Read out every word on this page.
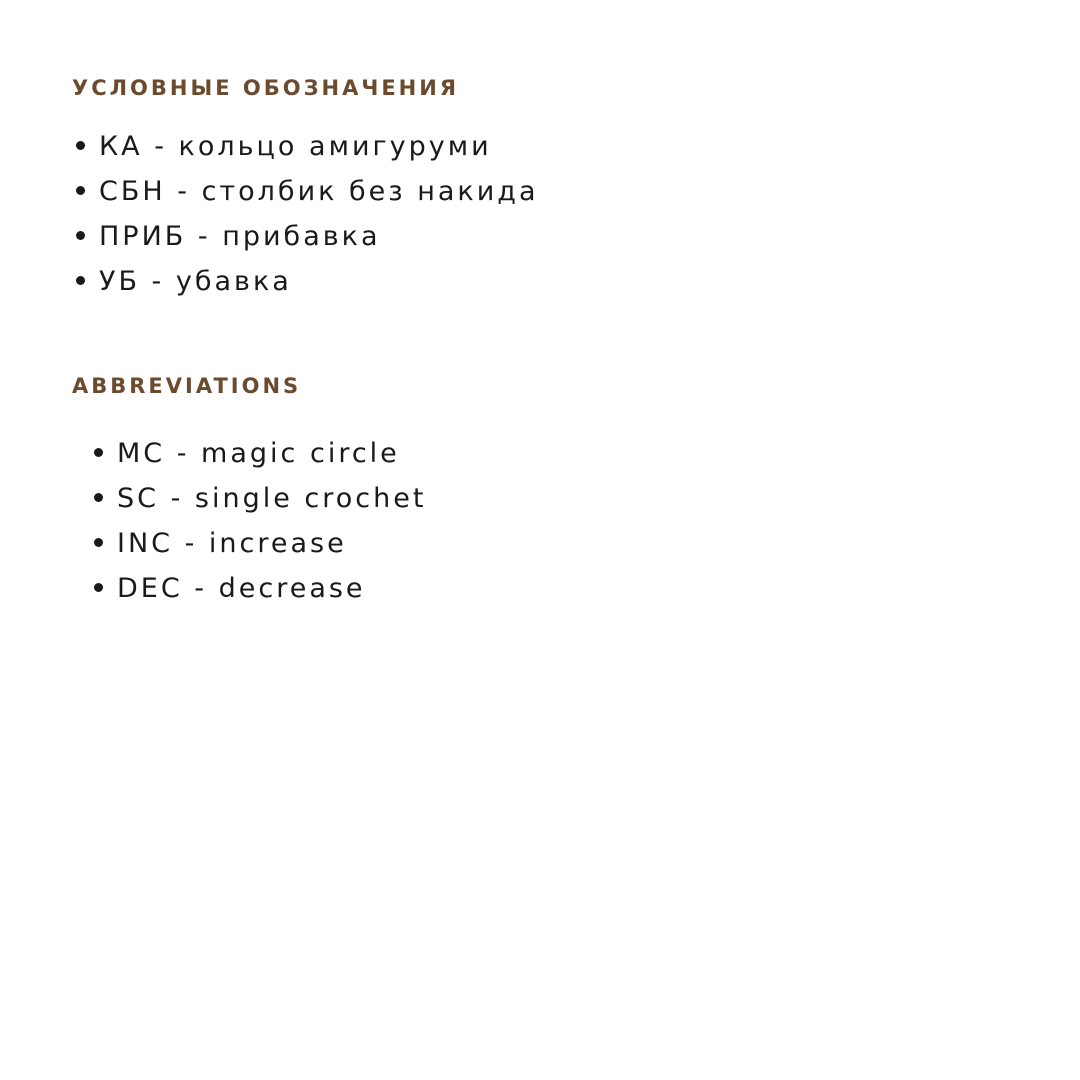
УСЛОВНЫЕ ОБОЗНАЧЕНИЯ
КА - кольцо амигуруми
СБН - столбик без накида
ПРИБ - прибавка
УБ - убавка
ABBREVIATIONS
MC - magic circle
SC - single crochet
INC - increase
DEC - decrease
